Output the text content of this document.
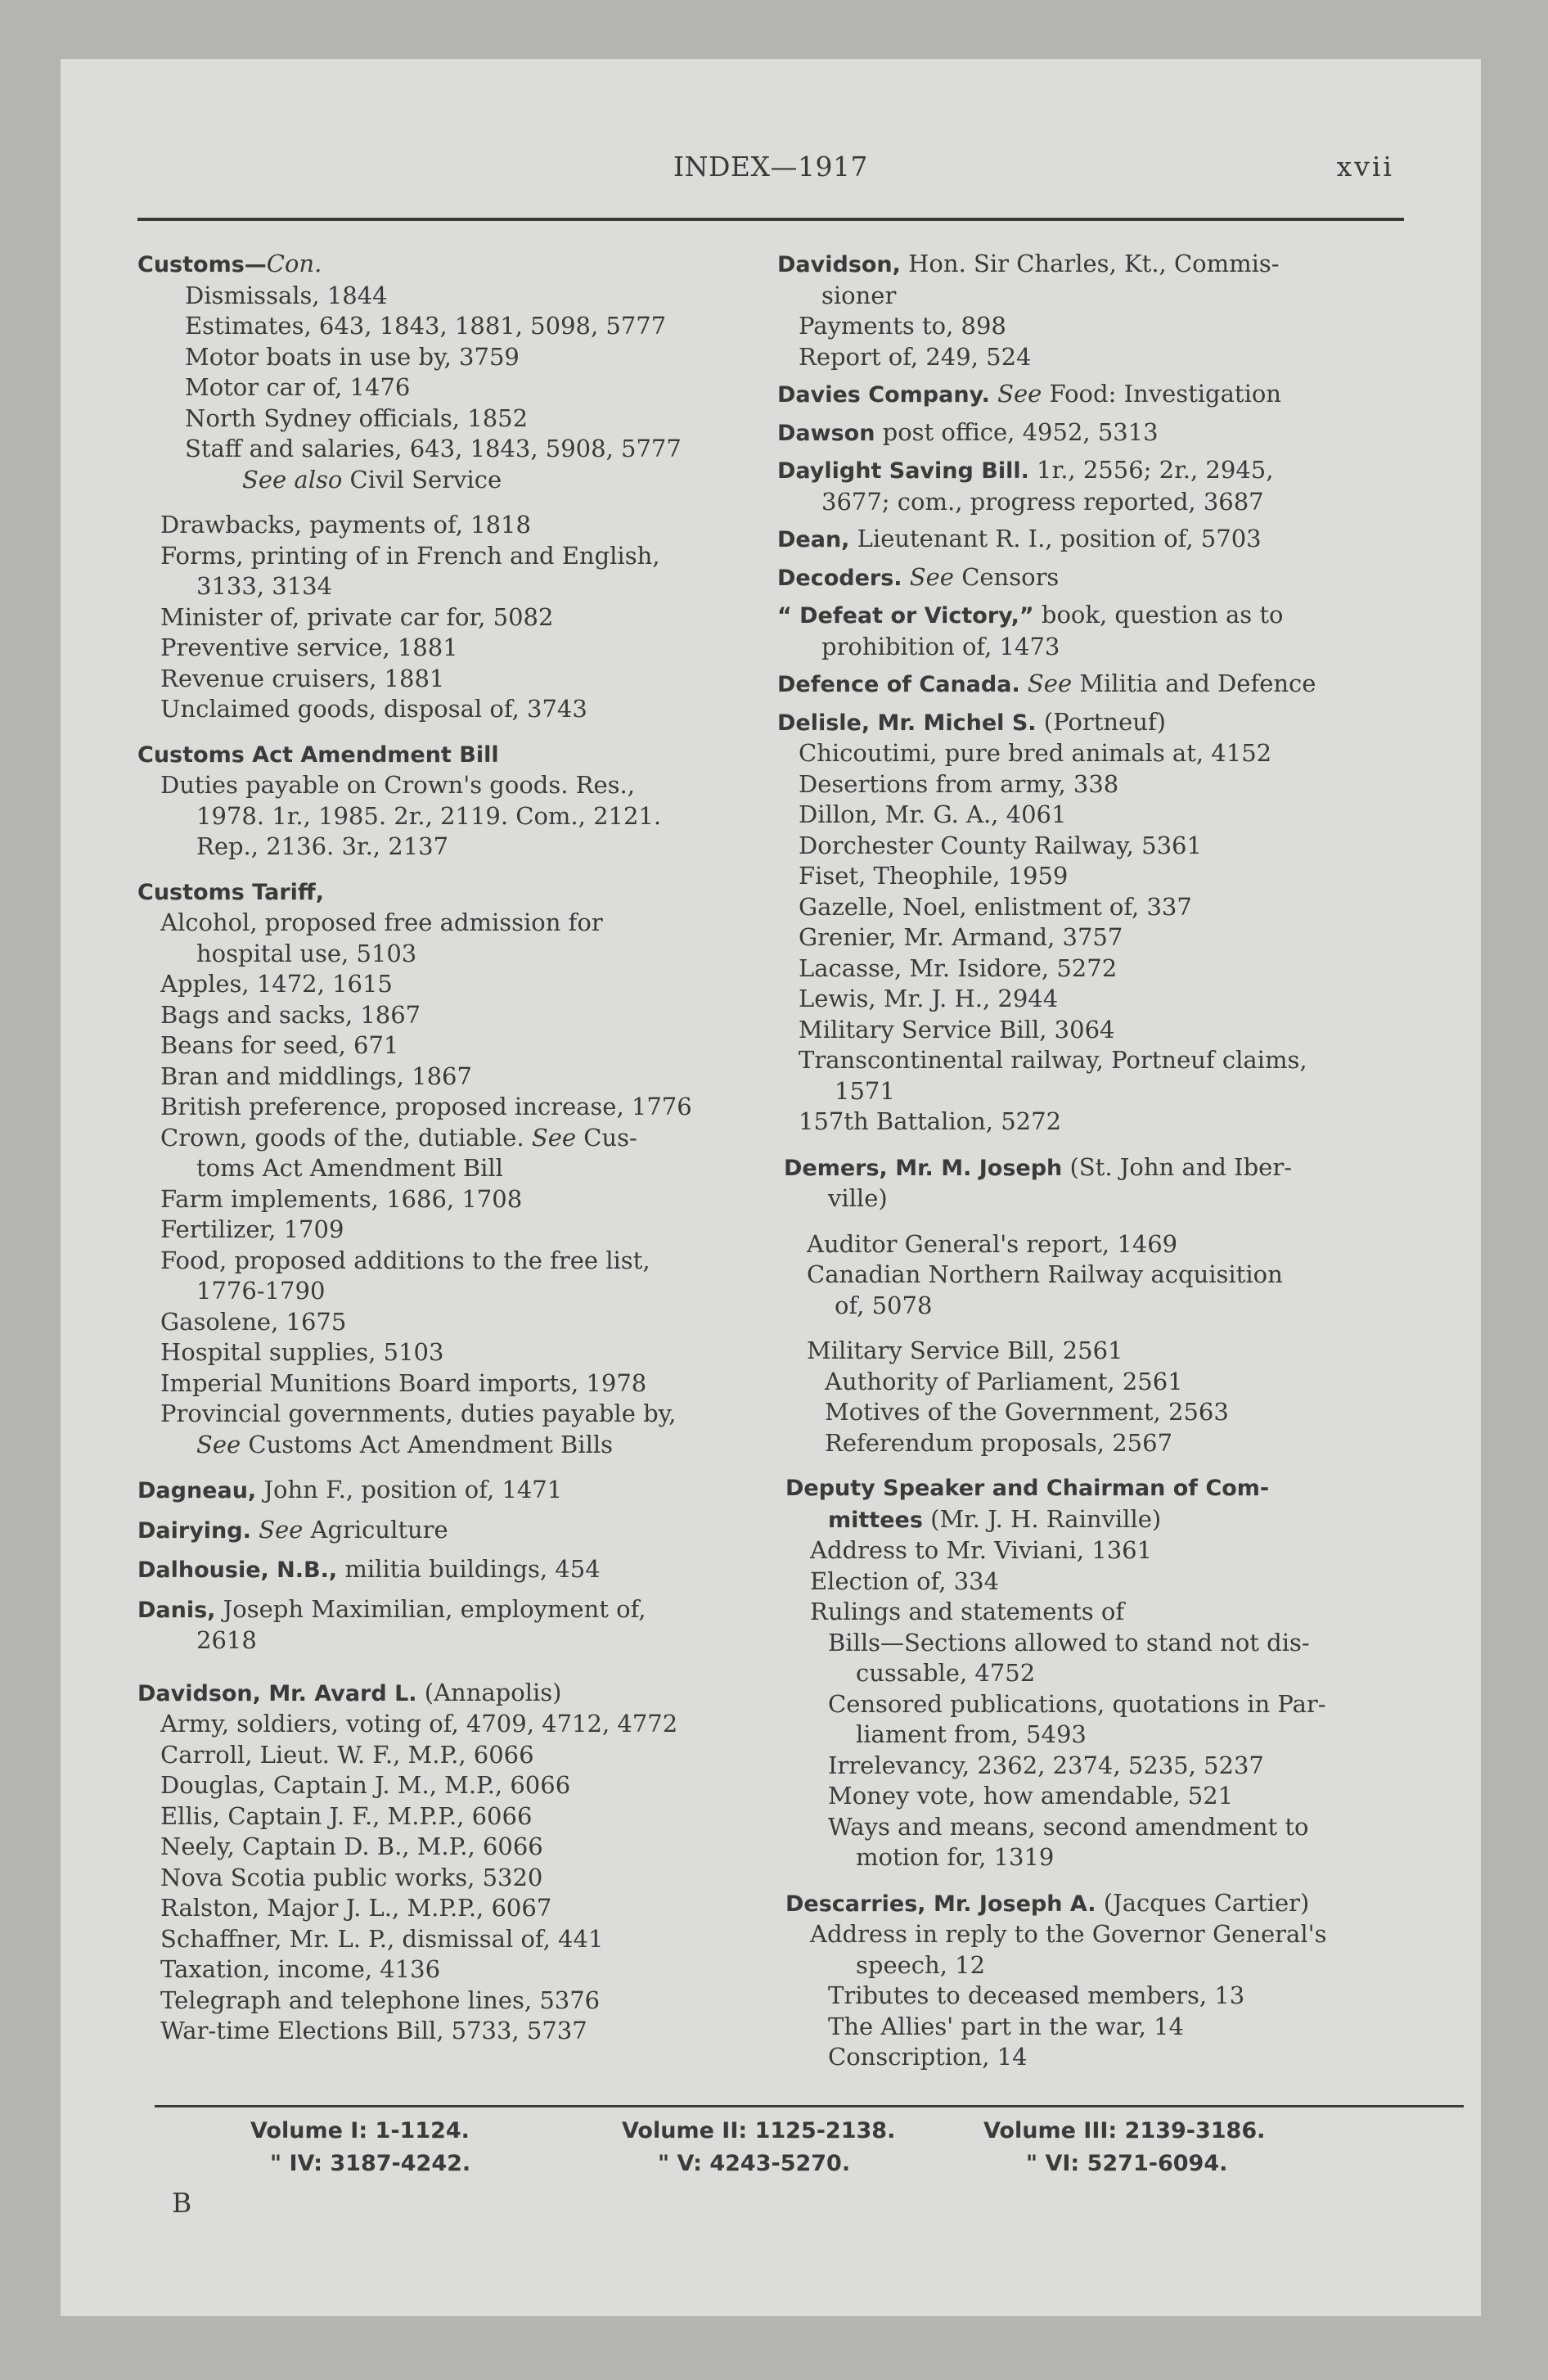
INDEX—1917	xvii
Customs—Con.
Dismissals, 1844
Estimates, 643, 1843, 1881, 5098, 5777
Motor boats in use by, 3759
Motor car of, 1476
North Sydney officials, 1852
Staff and salaries, 643, 1843, 5908, 5777
See also Civil Service
Drawbacks, payments of, 1818
Forms, printing of in French and English,
3133, 3134
Minister of, private car for, 5082
Preventive service, 1881
Revenue cruisers, 1881
Unclaimed goods, disposal of, 3743
Customs Act Amendment Bill
Duties payable on Crown's goods. Res.,
1978. 1r., 1985. 2r., 2119. Com., 2121.
Rep., 2136. 3r., 2137
Customs Tariff,
Alcohol, proposed free admission for
hospital use, 5103
Apples, 1472, 1615
Bags and sacks, 1867
Beans for seed, 671
Bran and middlings, 1867
British preference, proposed increase, 1776
Crown, goods of the, dutiable. See Cus-
toms Act Amendment Bill
Farm implements, 1686, 1708
Fertilizer, 1709
Food, proposed additions to the free list,
1776-1790
Gasolene, 1675
Hospital supplies, 5103
Imperial Munitions Board imports, 1978
Provincial governments, duties payable by,
See Customs Act Amendment Bills
Dagneau, John F., position of, 1471
Dairying. See Agriculture
Dalhousie, N.B., militia buildings, 454
Danis, Joseph Maximilian, employment of,
2618
Davidson, Mr. Avard L. (Annapolis)
Army, soldiers, voting of, 4709, 4712, 4772
Carroll, Lieut. W. F., M.P., 6066
Douglas, Captain J. M., M.P., 6066
Ellis, Captain J. F., M.P.P., 6066
Neely, Captain D. B., M.P., 6066
Nova Scotia public works, 5320
Ralston, Major J. L., M.P.P., 6067
Schaffner, Mr. L. P., dismissal of, 441
Taxation, income, 4136
Telegraph and telephone lines, 5376
War-time Elections Bill, 5733, 5737
Davidson, Hon. Sir Charles, Kt., Commis-
sioner
Payments to, 898
Report of, 249, 524
Davies Company. See Food: Investigation
Dawson post office, 4952, 5313
Daylight Saving Bill. 1r., 2556; 2r., 2945,
3677; com., progress reported, 3687
Dean, Lieutenant R. I., position of, 5703
Decoders. See Censors
“ Defeat or Victory,” book, question as to
prohibition of, 1473
Defence of Canada. See Militia and Defence
Delisle, Mr. Michel S. (Portneuf)
Chicoutimi, pure bred animals at, 4152
Desertions from army, 338
Dillon, Mr. G. A., 4061
Dorchester County Railway, 5361
Fiset, Theophile, 1959
Gazelle, Noel, enlistment of, 337
Grenier, Mr. Armand, 3757
Lacasse, Mr. Isidore, 5272
Lewis, Mr. J. H., 2944
Military Service Bill, 3064
Transcontinental railway, Portneuf claims,
1571
157th Battalion, 5272
Demers, Mr. M. Joseph (St. John and Iber-
ville)
Auditor General's report, 1469
Canadian Northern Railway acquisition
of, 5078
Military Service Bill, 2561
Authority of Parliament, 2561
Motives of the Government, 2563
Referendum proposals, 2567
Deputy Speaker and Chairman of Com-
mittees (Mr. J. H. Rainville)
Address to Mr. Viviani, 1361
Election of, 334
Rulings and statements of
Bills—Sections allowed to stand not dis-
cussable, 4752
Censored publications, quotations in Par-
liament from, 5493
Irrelevancy, 2362, 2374, 5235, 5237
Money vote, how amendable, 521
Ways and means, second amendment to
motion for, 1319
Descarries, Mr. Joseph A. (Jacques Cartier)
Address in reply to the Governor General's
speech, 12
Tributes to deceased members, 13
The Allies' part in the war, 14
Conscription, 14
Volume I: 1-1124.	Volume II: 1125-2138.	Volume III: 2139-3186.
" IV: 3187-4242.	" V: 4243-5270.	" VI: 5271-6094.
B
